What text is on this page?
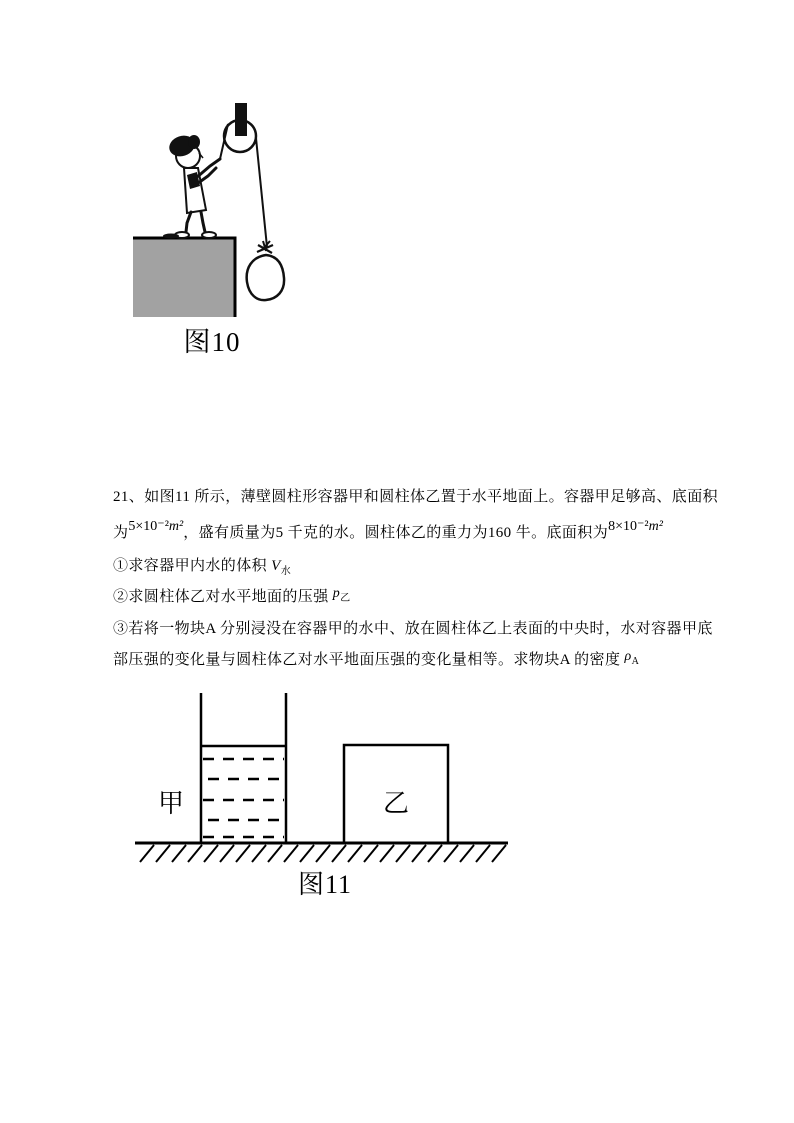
图10
21、如图11 所示，薄壁圆柱形容器甲和圆柱体乙置于水平地面上。容器甲足够高、底面积
为5×10⁻²m²，盛有质量为5 千克的水。圆柱体乙的重力为160 牛。底面积为8×10⁻²m²
①求容器甲内水的体积 $V_水$
②求圆柱体乙对水平地面的压强 $p_乙$
③若将一物块A 分别浸没在容器甲的水中、放在圆柱体乙上表面的中央时，水对容器甲底
部压强的变化量与圆柱体乙对水平地面压强的变化量相等。求物块A 的密度 $\rho_A$
甲	乙
图11
